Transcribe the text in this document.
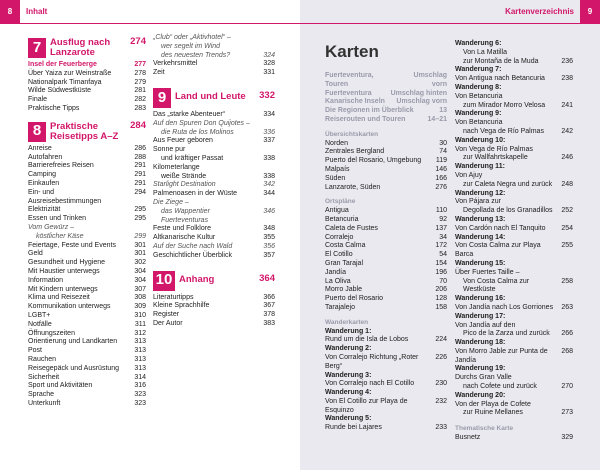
8	Inhalt	Kartenverzeichnis	9
7 Ausflug nach Lanzarote
274
Insel der Feuerberge	277
Über Yaiza zur Weinstraße	278
Nationalpark Timanfaya	279
Wilde Südwestküste	281
Finale	282
Praktische Tipps	283
8 Praktische Reisetipps A–Z
284
Anreise	286
Autofahren	288
Barrierefreies Reisen	291
Camping	291
Einkaufen	291
Ein- und Ausreisebestimmungen
294
Elektrizität	295
Essen und Trinken	295
Vom Gewürz –
köstlicher Käse	299
Feiertage, Feste und Events	301
Geld	301
Gesundheit und Hygiene	302
Mit Haustier unterwegs	304
Information	304
Mit Kindern unterwegs	307
Klima und Reisezeit	308
Kommunikation unterwegs	309
LGBT+	310
Notfälle	311
Öffnungszeiten	312
Orientierung und Landkarten	313
Post	313
Rauchen	313
Reisegepäck und Ausrüstung	313
Sicherheit	314
Sport und Aktivitäten	316
Sprache	323
Unterkunft	323
„Club“ oder „Aktivhotel“ –
wer segelt im Wind
des neuesten Trends?	324
Verkehrsmittel	328
Zeit	331
9 Land und Leute	332
Das „starke Abenteuer“	334
Auf den Spuren Don Quijotes –
die Ruta de los Molinos	336
Aus Feuer geboren	337
Sonne pur
und kräftiger Passat	338
Kilometerlange
weiße Strände	338
Starlight Destination	342
Palmenoasen in der Wüste	344
Die Ziege –
das Wappentier Fuerteventuras
346
Feste und Folklore	348
Altkanarische Kultur	355
Auf der Suche nach Wald	356
Geschichtlicher Überblick	357
10 Anhang	364
Literaturtipps	366
Kleine Sprachhilfe	367
Register	378
Der Autor	383
Karten
Fuerteventura, Touren
Umschlag vorn
Fuerteventura	Umschlag hinten
Kanarische Inseln Umschlag vorn
Die Regionen im Überblick	13
Reiserouten und Touren	14–21
Übersichtskarten
Norden	30
Zentrales Bergland	74
Puerto del Rosario, Umgebung	119
Malpaís	146
Süden	166
Lanzarote, Süden	276
Ortspläne
Antigua	110
Betancuria	92
Caleta de Fustes	137
Corralejo	34
Costa Calma	172
El Cotillo	54
Gran Tarajal	154
Jandía	196
La Oliva	70
Morro Jable	206
Puerto del Rosario	128
Tarajalejo	158
Wanderkarten
Wanderung 1:
Rund um die Isla de Lobos	224
Wanderung 2:
Von Corralejo Richtung „Roter Berg“
226
Wanderung 3:
Von Corralejo nach El Cotillo	230
Wanderung 4:
Von El Cotillo zur Playa de Esquinzo
232
Wanderung 5:
Runde bei Lajares	233
Wanderung 6:
Von La Matilla
zur Montaña de la Muda	236
Wanderung 7:
Von Antigua nach Betancuria	238
Wanderung 8:
Von Betancuria
zum Mirador Morro Velosa	241
Wanderung 9:
Von Betancuria
nach Vega de Río Palmas	242
Wanderung 10:
Von Vega de Río Palmas
zur Wallfahrtskapelle	246
Wanderung 11:
Von Ajuy
zur Caleta Negra und zurück	248
Wanderung 12:
Von Pájara zur
Degollada de los Granadillos	252
Wanderung 13:
Von Cardón nach El Tanquito	254
Wanderung 14:
Von Costa Calma zur Playa Barca
255
Wanderung 15:
Über Fuertes Taille –
Von Costa Calma zur Westküste
258
Wanderung 16:
Von Jandía nach Los Gorriones	263
Wanderung 17:
Von Jandía auf den
Pico de la Zarza und zurück	266
Wanderung 18:
Von Morro Jable zur Punta de Jandía
268
Wanderung 19:
Durchs Gran Valle
nach Cofete und zurück	270
Wanderung 20:
Von der Playa de Cofete
zur Ruine Mellanes	273
Thematische Karte
Busnetz	329
